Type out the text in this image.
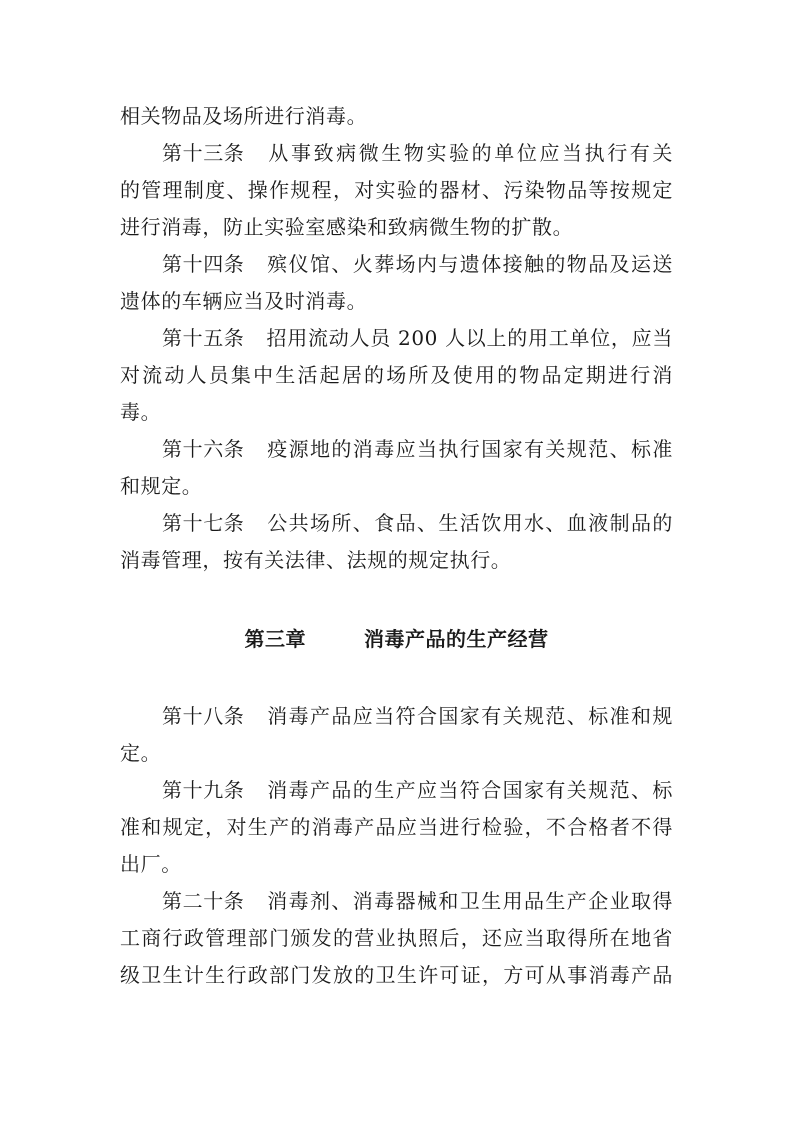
相关物品及场所进行消毒。
第十三条 从事致病微生物实验的单位应当执行有关
的管理制度、操作规程，对实验的器材、污染物品等按规定
进行消毒，防止实验室感染和致病微生物的扩散。
第十四条 殡仪馆、火葬场内与遗体接触的物品及运送
遗体的车辆应当及时消毒。
第十五条 招用流动人员 200 人以上的用工单位，应当
对流动人员集中生活起居的场所及使用的物品定期进行消
毒。
第十六条 疫源地的消毒应当执行国家有关规范、标准
和规定。
第十七条 公共场所、食品、生活饮用水、血液制品的
消毒管理，按有关法律、法规的规定执行。
第三章	消毒产品的生产经营
第十八条 消毒产品应当符合国家有关规范、标准和规
定。
第十九条 消毒产品的生产应当符合国家有关规范、标
准和规定，对生产的消毒产品应当进行检验，不合格者不得
出厂。
第二十条 消毒剂、消毒器械和卫生用品生产企业取得
工商行政管理部门颁发的营业执照后，还应当取得所在地省
级卫生计生行政部门发放的卫生许可证，方可从事消毒产品
